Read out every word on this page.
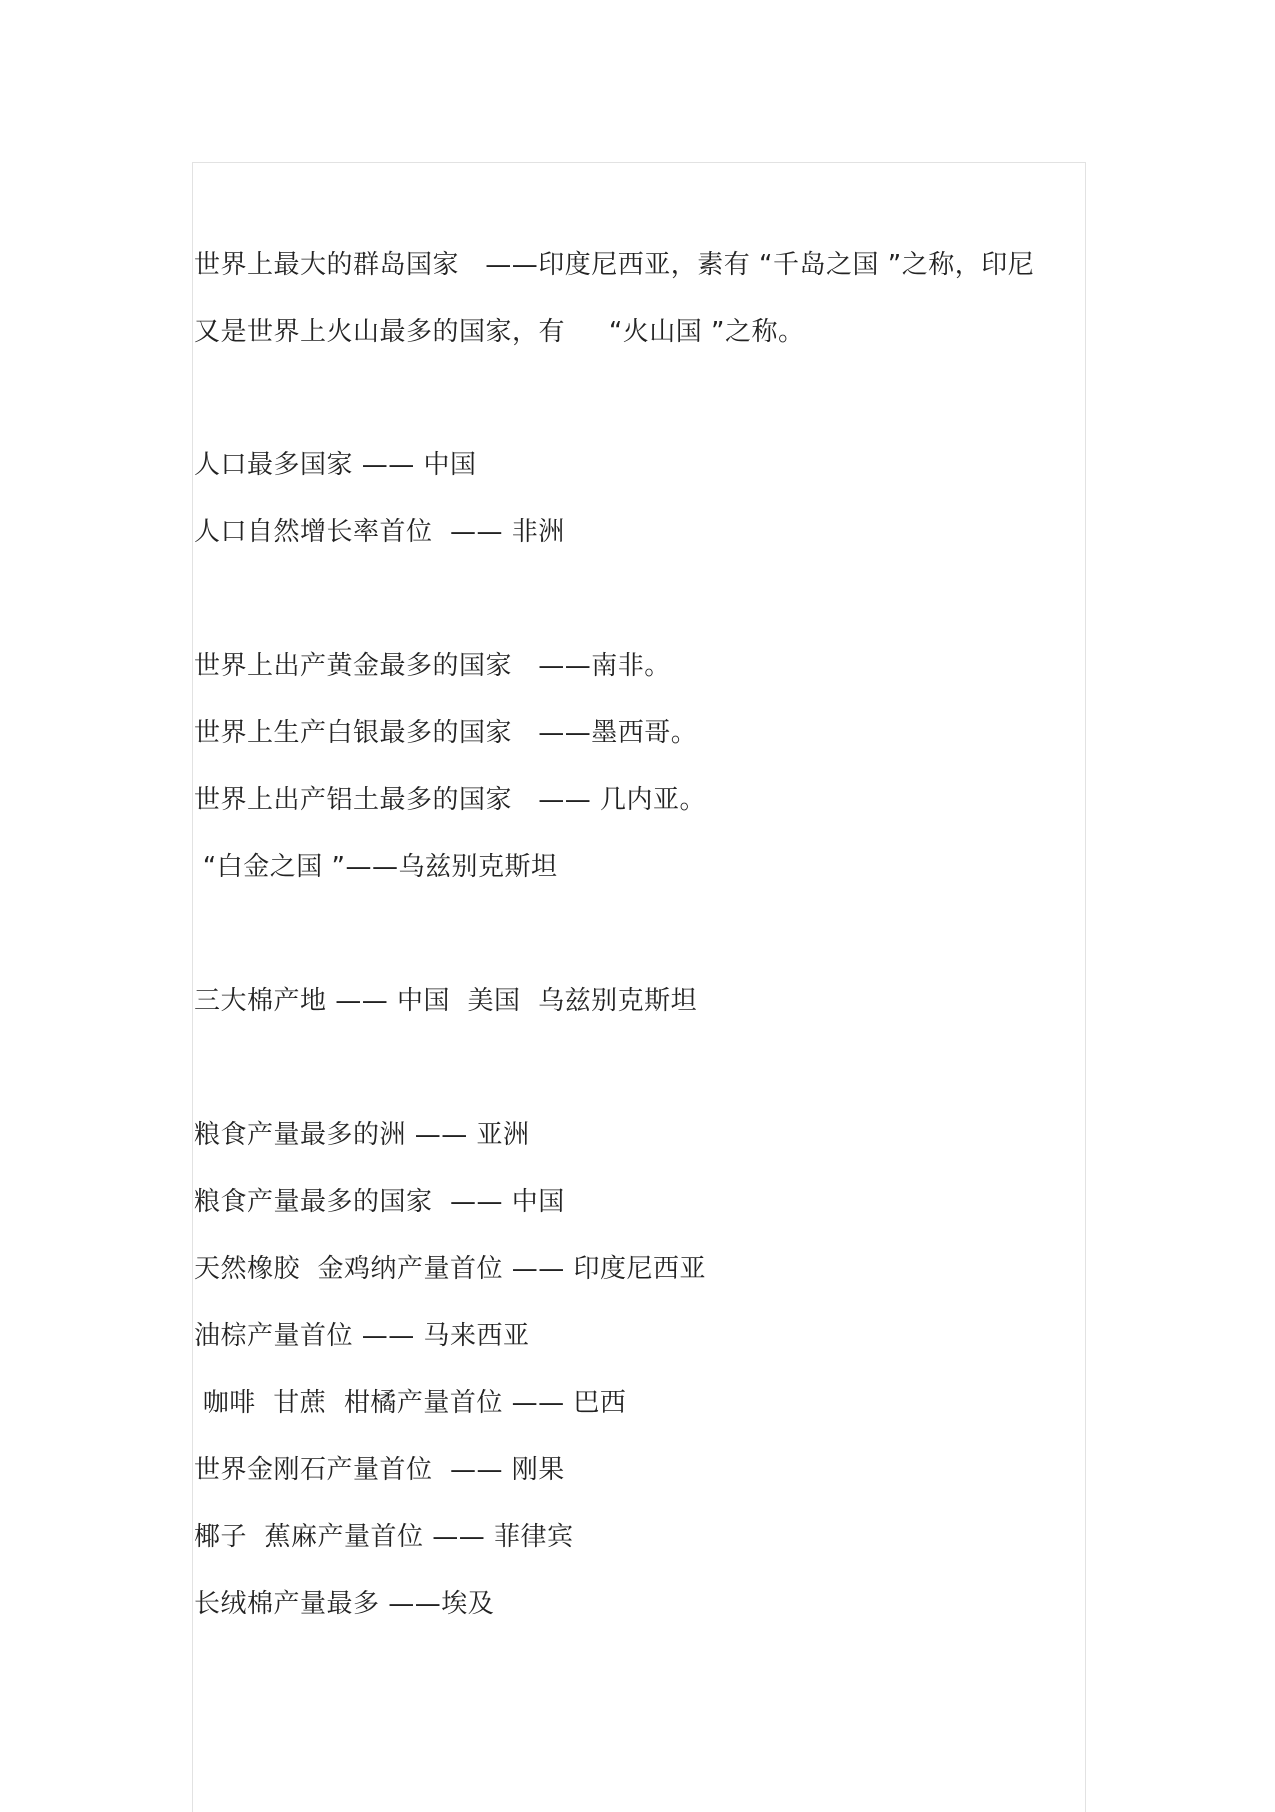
世界上最大的群岛国家   ——印度尼西亚，素有 “千岛之国 ”之称，印尼
又是世界上火山最多的国家，有     “火山国 ”之称。
人口最多国家 —— 中国
人口自然增长率首位  —— 非洲
世界上出产黄金最多的国家   ——南非。
世界上生产白银最多的国家   ——墨西哥。
世界上出产铝土最多的国家   —— 几内亚。
“白金之国 ”——乌兹别克斯坦
三大棉产地 —— 中国  美国  乌兹别克斯坦
粮食产量最多的洲 —— 亚洲
粮食产量最多的国家  —— 中国
天然橡胶  金鸡纳产量首位 —— 印度尼西亚
油棕产量首位 —— 马来西亚
咖啡  甘蔗  柑橘产量首位 —— 巴西
世界金刚石产量首位  —— 刚果
椰子  蕉麻产量首位 —— 菲律宾
长绒棉产量最多 ——埃及
